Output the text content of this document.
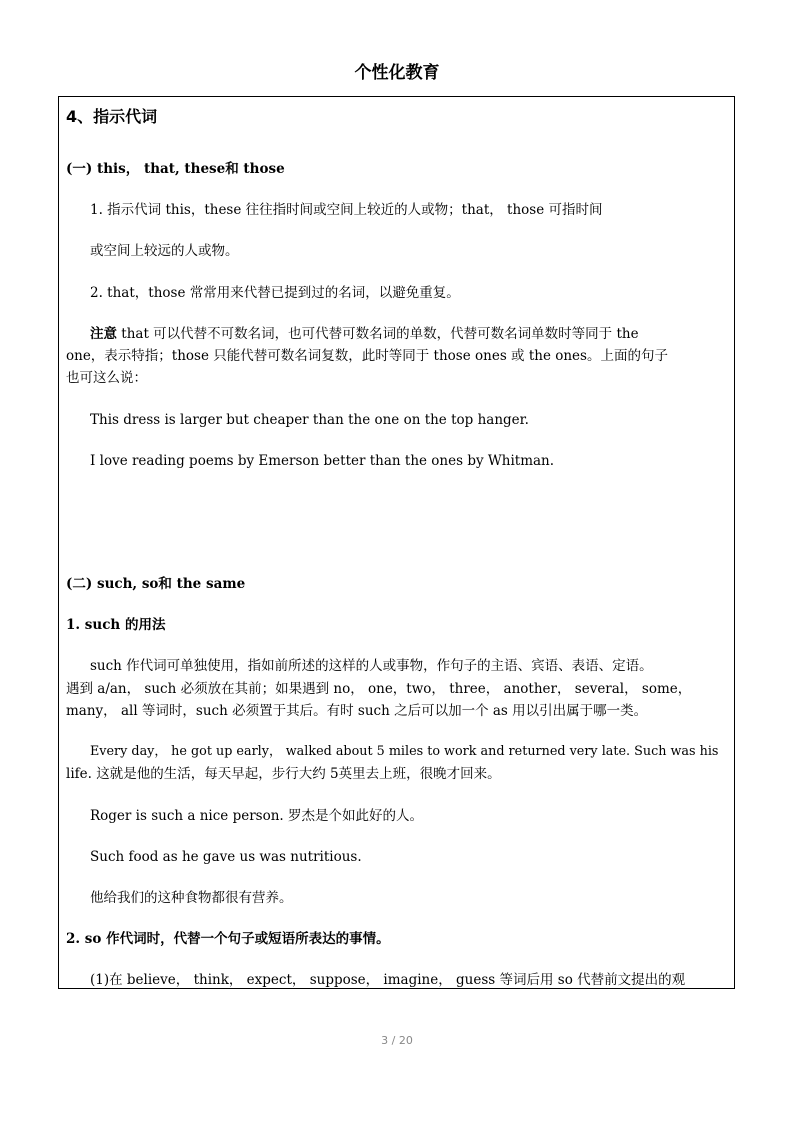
个性化教育
4、指示代词
(一) this， that, these和 those
1. 指示代词 this，these 往往指时间或空间上较近的人或物；that， those 可指时间
或空间上较远的人或物。
2. that，those 常常用来代替已提到过的名词，以避免重复。
注意 that 可以代替不可数名词，也可代替可数名词的单数，代替可数名词单数时等同于 the
one，表示特指；those 只能代替可数名词复数，此时等同于 those ones 或 the ones。上面的句子
也可这么说：
This dress is larger but cheaper than the one on the top hanger.
I love reading poems by Emerson better than the ones by Whitman.
(二) such, so和 the same
1. such 的用法
such 作代词可单独使用，指如前所述的这样的人或事物，作句子的主语、宾语、表语、定语。
遇到 a/an， such 必须放在其前；如果遇到 no， one，two， three， another， several， some，
many， all 等词时，such 必须置于其后。有时 such 之后可以加一个 as 用以引出属于哪一类。
Every day， he got up early， walked about 5 miles to work and returned very late. Such was his
life. 这就是他的生活，每天早起，步行大约 5英里去上班，很晚才回来。
Roger is such a nice person. 罗杰是个如此好的人。
Such food as he gave us was nutritious.
他给我们的这种食物都很有营养。
2. so 作代词时，代替一个句子或短语所表达的事情。
(1)在 believe， think， expect， suppose， imagine， guess 等词后用 so 代替前文提出的观
3 / 20
